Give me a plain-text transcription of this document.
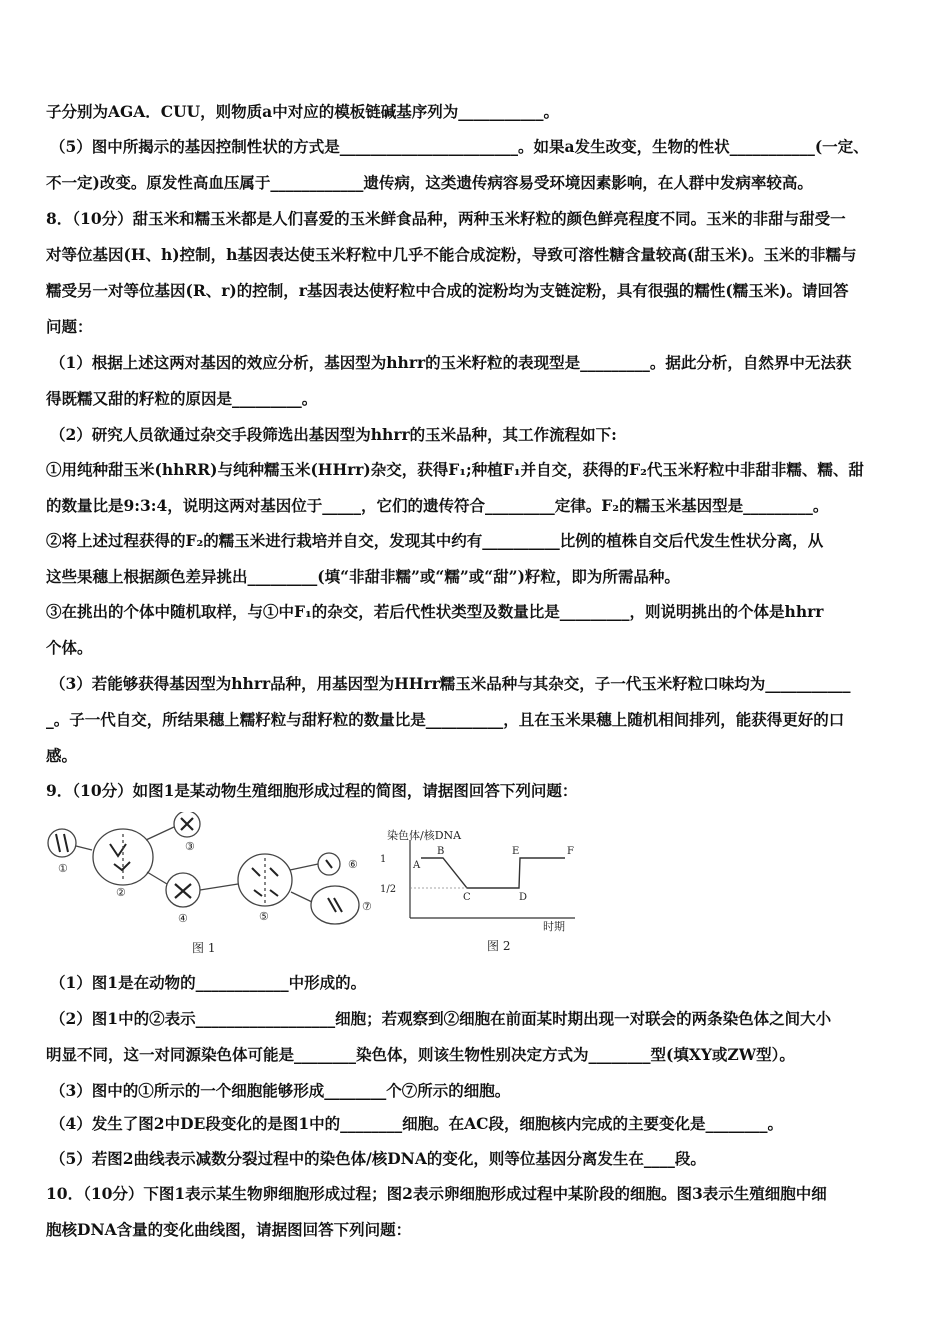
子分别为AGA．CUU，则物质a中对应的模板链碱基序列为___________。
（5）图中所揭示的基因控制性状的方式是_______________________。如果a发生改变，生物的性状___________(一定、
不一定)改变。原发性高血压属于____________遗传病，这类遗传病容易受环境因素影响，在人群中发病率较高。
8．（10分）甜玉米和糯玉米都是人们喜爱的玉米鲜食品种，两种玉米籽粒的颜色鲜亮程度不同。玉米的非甜与甜受一
对等位基因(H、h)控制，h基因表达使玉米籽粒中几乎不能合成淀粉，导致可溶性糖含量较高(甜玉米)。玉米的非糯与
糯受另一对等位基因(R、r)的控制，r基因表达使籽粒中合成的淀粉均为支链淀粉，具有很强的糯性(糯玉米)。请回答
问题：
（1）根据上述这两对基因的效应分析，基因型为hhrr的玉米籽粒的表现型是_________。据此分析，自然界中无法获
得既糯又甜的籽粒的原因是_________。
（2）研究人员欲通过杂交手段筛选出基因型为hhrr的玉米品种，其工作流程如下:
①用纯种甜玉米(hhRR)与纯种糯玉米(HHrr)杂交，获得F₁;种植F₁并自交，获得的F₂代玉米籽粒中非甜非糯、糯、甜
的数量比是9:3:4，说明这两对基因位于_____，它们的遗传符合_________定律。F₂的糯玉米基因型是_________。
②将上述过程获得的F₂的糯玉米进行栽培并自交，发现其中约有__________比例的植株自交后代发生性状分离，从
这些果穗上根据颜色差异挑出_________(填“非甜非糯”或“糯”或“甜”)籽粒，即为所需品种。
③在挑出的个体中随机取样，与①中F₁的杂交，若后代性状类型及数量比是_________，则说明挑出的个体是hhrr
个体。
（3）若能够获得基因型为hhrr品种，用基因型为HHrr糯玉米品种与其杂交，子一代玉米籽粒口味均为___________
_。子一代自交，所结果穗上糯籽粒与甜籽粒的数量比是__________，且在玉米果穗上随机相间排列，能获得更好的口
感。
9．（10分）如图1是某动物生殖细胞形成过程的简图，请据图回答下列问题：
①
②
③
④	⑤
⑥
⑦
图 1
染色体/核DNA
时期
1
1/2
A
B
C	D
E	F
图 2
（1）图1是在动物的____________中形成的。
（2）图1中的②表示__________________细胞；若观察到②细胞在前面某时期出现一对联会的两条染色体之间大小
明显不同，这一对同源染色体可能是________染色体，则该生物性别决定方式为________型(填XY或ZW型）。
（3）图中的①所示的一个细胞能够形成________个⑦所示的细胞。
（4）发生了图2中DE段变化的是图1中的________细胞。在AC段，细胞核内完成的主要变化是________。
（5）若图2曲线表示减数分裂过程中的染色体/核DNA的变化，则等位基因分离发生在____段。
10．（10分）下图1表示某生物卵细胞形成过程；图2表示卵细胞形成过程中某阶段的细胞。图3表示生殖细胞中细
胞核DNA含量的变化曲线图，请据图回答下列问题：
